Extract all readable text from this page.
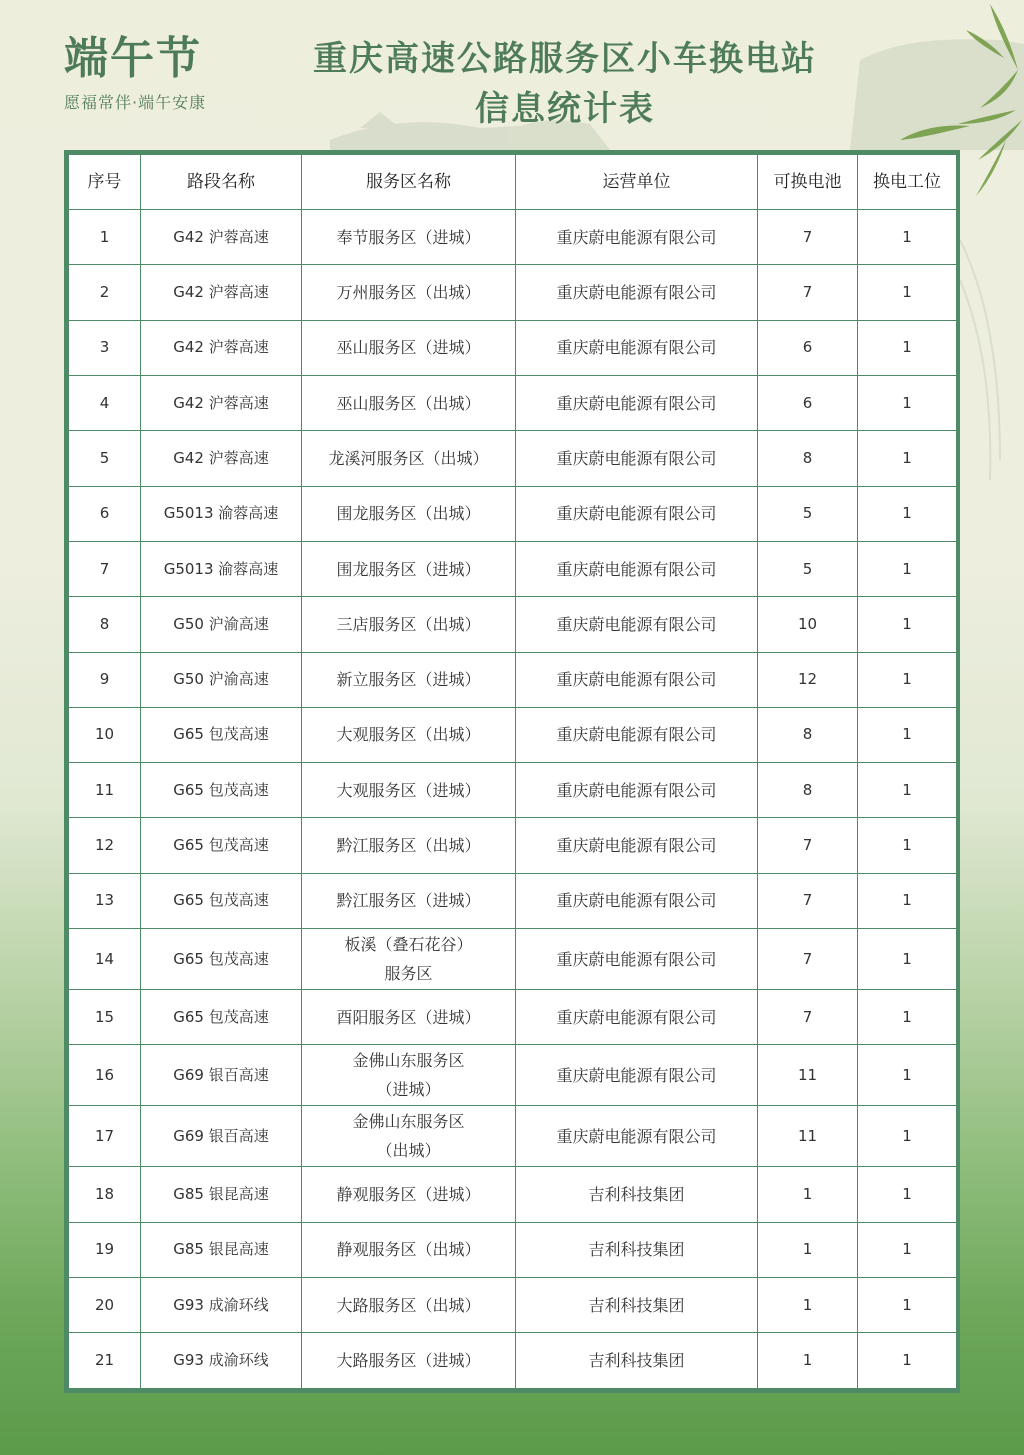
端午节
愿福常伴·端午安康
重庆高速公路服务区小车换电站
信息统计表
序号	路段名称	服务区名称	运营单位	可换电池	换电工位
1	G42 沪蓉高速	奉节服务区（进城）	重庆蔚电能源有限公司	7	1
2	G42 沪蓉高速	万州服务区（出城）	重庆蔚电能源有限公司	7	1
3	G42 沪蓉高速	巫山服务区（进城）	重庆蔚电能源有限公司	6	1
4	G42 沪蓉高速	巫山服务区（出城）	重庆蔚电能源有限公司	6	1
5	G42 沪蓉高速	龙溪河服务区（出城）	重庆蔚电能源有限公司	8	1
6	G5013 渝蓉高速	围龙服务区（出城）	重庆蔚电能源有限公司	5	1
7	G5013 渝蓉高速	围龙服务区（进城）	重庆蔚电能源有限公司	5	1
8	G50 沪渝高速	三店服务区（出城）	重庆蔚电能源有限公司	10	1
9	G50 沪渝高速	新立服务区（进城）	重庆蔚电能源有限公司	12	1
10	G65 包茂高速	大观服务区（出城）	重庆蔚电能源有限公司	8	1
11	G65 包茂高速	大观服务区（进城）	重庆蔚电能源有限公司	8	1
12	G65 包茂高速	黔江服务区（出城）	重庆蔚电能源有限公司	7	1
13	G65 包茂高速	黔江服务区（进城）	重庆蔚电能源有限公司	7	1
14	G65 包茂高速	板溪（叠石花谷）
服务区	重庆蔚电能源有限公司	7	1
15	G65 包茂高速	酉阳服务区（进城）	重庆蔚电能源有限公司	7	1
16	G69 银百高速	金佛山东服务区
（进城）	重庆蔚电能源有限公司	11	1
17	G69 银百高速	金佛山东服务区
（出城）	重庆蔚电能源有限公司	11	1
18	G85 银昆高速	静观服务区（进城）	吉利科技集团	1	1
19	G85 银昆高速	静观服务区（出城）	吉利科技集团	1	1
20	G93 成渝环线	大路服务区（出城）	吉利科技集团	1	1
21	G93 成渝环线	大路服务区（进城）	吉利科技集团	1	1
